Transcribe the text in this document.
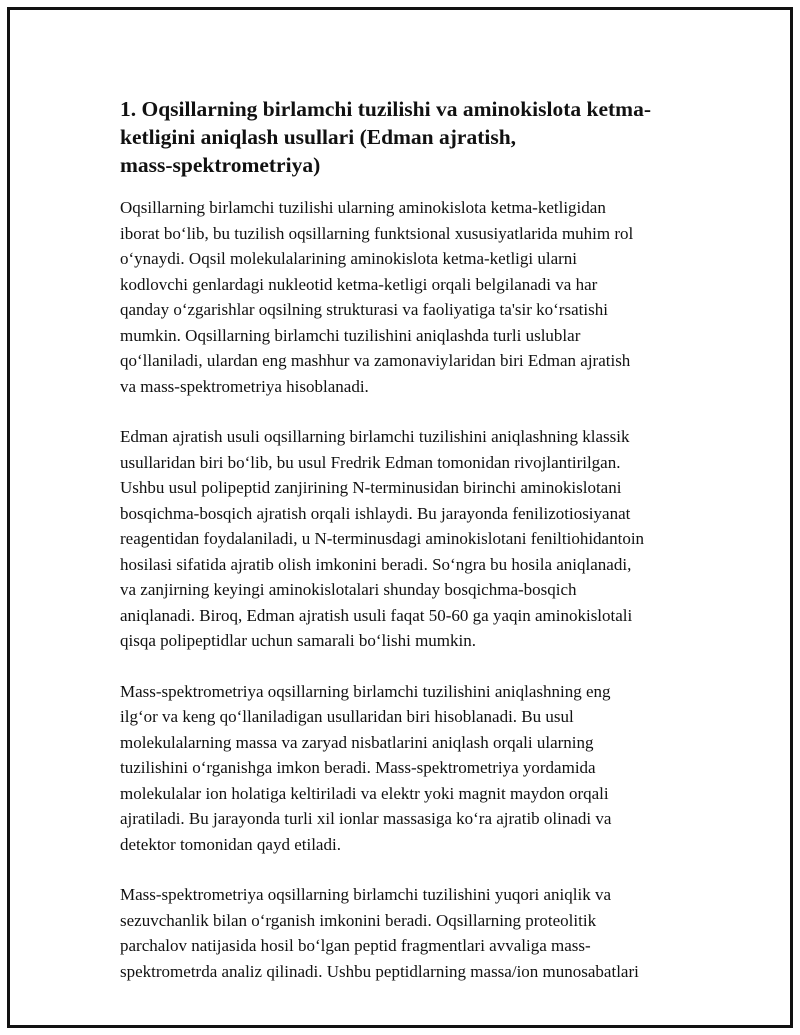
1. Oqsillarning birlamchi tuzilishi va aminokislota ketma-
ketligini aniqlash usullari (Edman ajratish,
mass-spektrometriya)

Oqsillarning birlamchi tuzilishi ularning aminokislota ketma-ketligidan
iborat bo‘lib, bu tuzilish oqsillarning funktsional xususiyatlarida muhim rol
o‘ynaydi. Oqsil molekulalarining aminokislota ketma-ketligi ularni
kodlovchi genlardagi nukleotid ketma-ketligi orqali belgilanadi va har
qanday o‘zgarishlar oqsilning strukturasi va faoliyatiga ta'sir ko‘rsatishi
mumkin. Oqsillarning birlamchi tuzilishini aniqlashda turli uslublar
qo‘llaniladi, ulardan eng mashhur va zamonaviylaridan biri Edman ajratish
va mass-spektrometriya hisoblanadi.

Edman ajratish usuli oqsillarning birlamchi tuzilishini aniqlashning klassik
usullaridan biri bo‘lib, bu usul Fredrik Edman tomonidan rivojlantirilgan.
Ushbu usul polipeptid zanjirining N-terminusidan birinchi aminokislotani
bosqichma-bosqich ajratish orqali ishlaydi. Bu jarayonda fenilizotiosiyanat
reagentidan foydalaniladi, u N-terminusdagi aminokislotani feniltiohidantoin
hosilasi sifatida ajratib olish imkonini beradi. So‘ngra bu hosila aniqlanadi,
va zanjirning keyingi aminokislotalari shunday bosqichma-bosqich
aniqlanadi. Biroq, Edman ajratish usuli faqat 50-60 ga yaqin aminokislotali
qisqa polipeptidlar uchun samarali bo‘lishi mumkin.

Mass-spektrometriya oqsillarning birlamchi tuzilishini aniqlashning eng
ilg‘or va keng qo‘llaniladigan usullaridan biri hisoblanadi. Bu usul
molekulalarning massa va zaryad nisbatlarini aniqlash orqali ularning
tuzilishini o‘rganishga imkon beradi. Mass-spektrometriya yordamida
molekulalar ion holatiga keltiriladi va elektr yoki magnit maydon orqali
ajratiladi. Bu jarayonda turli xil ionlar massasiga ko‘ra ajratib olinadi va
detektor tomonidan qayd etiladi.

Mass-spektrometriya oqsillarning birlamchi tuzilishini yuqori aniqlik va
sezuvchanlik bilan o‘rganish imkonini beradi. Oqsillarning proteolitik
parchalov natijasida hosil bo‘lgan peptid fragmentlari avvaliga mass-
spektrometrda analiz qilinadi. Ushbu peptidlarning massa/ion munosabatlari
